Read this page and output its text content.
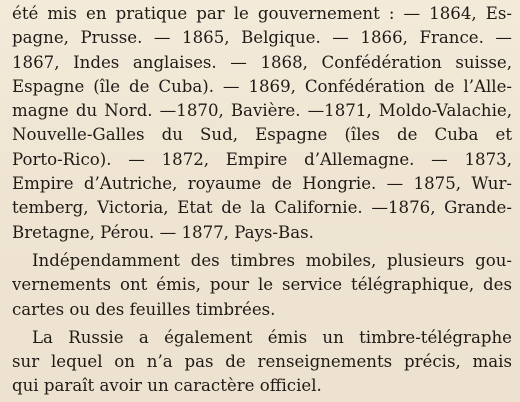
été mis en pratique par le gouvernement : — 1864, Es-
pagne, Prusse. — 1865, Belgique. — 1866, France. —
1867, Indes anglaises. — 1868, Confédération suisse,
Espagne (île de Cuba). — 1869, Confédération de l’Alle-
magne du Nord. —1870, Bavière. —1871, Moldo-Valachie,
Nouvelle-Galles du Sud, Espagne (îles de Cuba et
Porto-Rico). — 1872, Empire d’Allemagne. — 1873,
Empire d’Autriche, royaume de Hongrie. — 1875, Wur-
temberg, Victoria, Etat de la Californie. —1876, Grande-
Bretagne, Pérou. — 1877, Pays-Bas.
Indépendamment des timbres mobiles, plusieurs gou-
vernements ont émis, pour le service télégraphique, des
cartes ou des feuilles timbrées.
La Russie a également émis un timbre-télégraphe
sur lequel on n’a pas de renseignements précis, mais
qui paraît avoir un caractère officiel.
